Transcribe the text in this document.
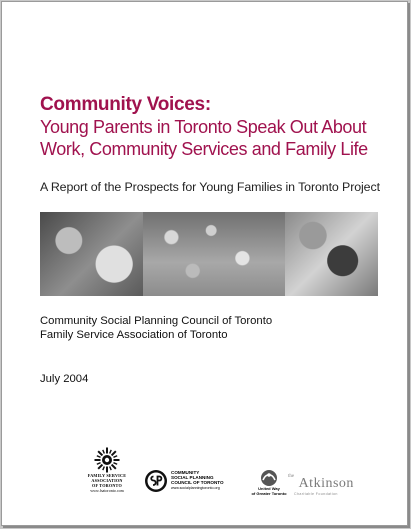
Community Voices:
Young Parents in Toronto Speak Out About
Work, Community Services and Family Life
A Report of the Prospects for Young Families in Toronto Project
Community Social Planning Council of Toronto
Family Service Association of Toronto
July 2004
FAMILY SERVICE ASSOCIATION
OF TORONTO
www.fsatoronto.com
COMMUNITY
SOCIAL PLANNING
COUNCIL OF TORONTO
www.socialplanningtoronto.org	United Way
of Greater Toronto
$^{the}$ Atkinson
Charitable Foundation
